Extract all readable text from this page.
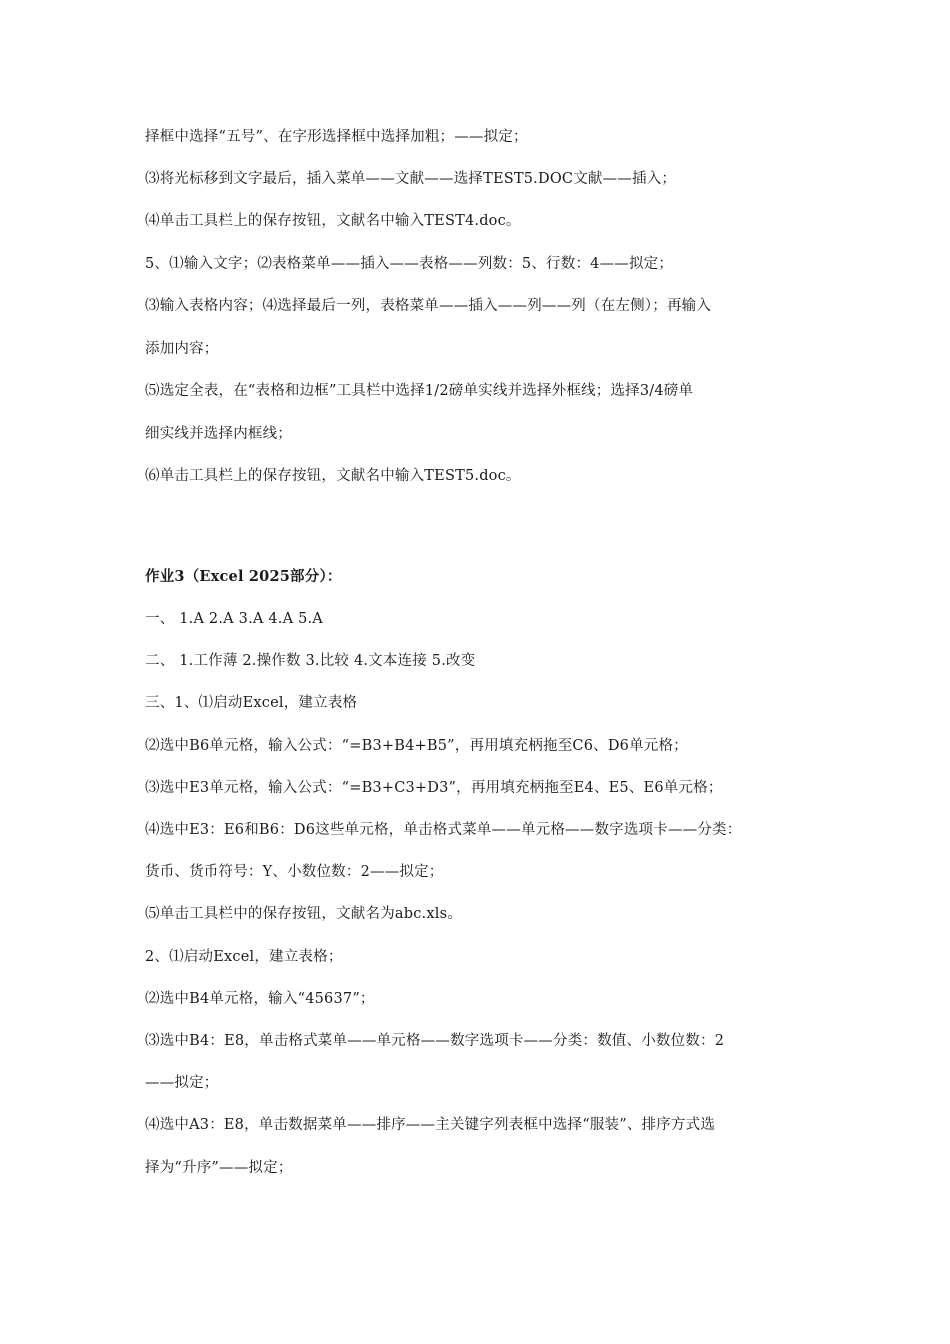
择框中选择“五号”、在字形选择框中选择加粗；——拟定；
⑶将光标移到文字最后，插入菜单——文献——选择TEST5.DOC文献——插入；
⑷单击工具栏上的保存按钮，文献名中输入TEST4.doc。
5、⑴输入文字；⑵表格菜单——插入——表格——列数：5、行数：4——拟定；
⑶输入表格内容；⑷选择最后一列，表格菜单——插入——列——列（在左侧）；再输入
添加内容；
⑸选定全表，在“表格和边框”工具栏中选择1/2磅单实线并选择外框线；选择3/4磅单
细实线并选择内框线；
⑹单击工具栏上的保存按钮，文献名中输入TEST5.doc。
作业3（Excel 2025部分）：
一、 1.A 2.A 3.A 4.A 5.A
二、 1.工作薄 2.操作数 3.比较 4.文本连接 5.改变
三、1、⑴启动Excel，建立表格
⑵选中B6单元格，输入公式：“=B3+B4+B5”，再用填充柄拖至C6、D6单元格；
⑶选中E3单元格，输入公式：“=B3+C3+D3”，再用填充柄拖至E4、E5、E6单元格；
⑷选中E3：E6和B6：D6这些单元格，单击格式菜单——单元格——数字选项卡——分类：
货币、货币符号：Y、小数位数：2——拟定；
⑸单击工具栏中的保存按钮，文献名为abc.xls。
2、⑴启动Excel，建立表格；
⑵选中B4单元格，输入“45637”；
⑶选中B4：E8，单击格式菜单——单元格——数字选项卡——分类：数值、小数位数：2
——拟定；
⑷选中A3：E8，单击数据菜单——排序——主关键字列表框中选择“服装”、排序方式选
择为“升序”——拟定；
